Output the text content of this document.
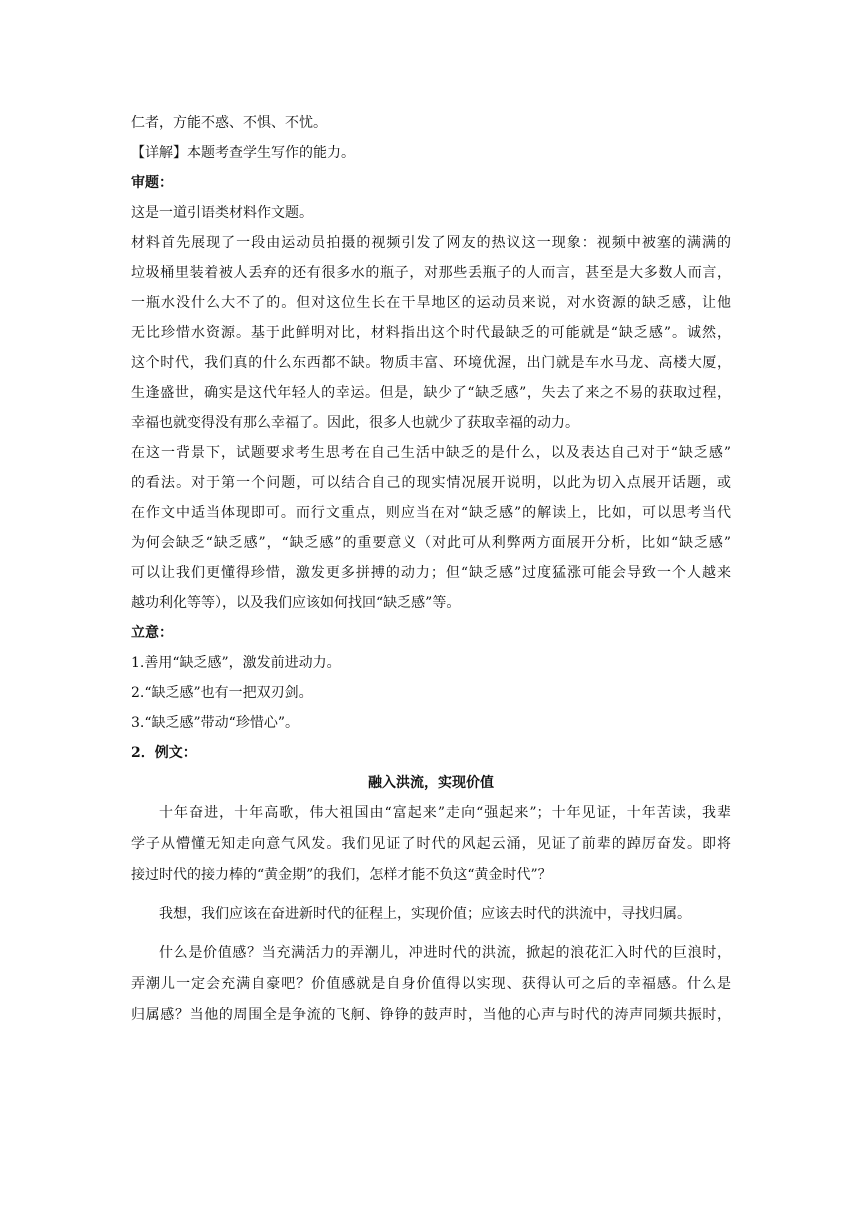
仁者，方能不惑、不惧、不忧。
【详解】本题考查学生写作的能力。
审题：
这是一道引语类材料作文题。
材料首先展现了一段由运动员拍摄的视频引发了网友的热议这一现象：视频中被塞的满满的
垃圾桶里装着被人丢弃的还有很多水的瓶子，对那些丢瓶子的人而言，甚至是大多数人而言，
一瓶水没什么大不了的。但对这位生长在干旱地区的运动员来说，对水资源的缺乏感，让他
无比珍惜水资源。基于此鲜明对比，材料指出这个时代最缺乏的可能就是“缺乏感”。诚然，
这个时代，我们真的什么东西都不缺。物质丰富、环境优渥，出门就是车水马龙、高楼大厦，
生逢盛世，确实是这代年轻人的幸运。但是，缺少了“缺乏感”，失去了来之不易的获取过程，
幸福也就变得没有那么幸福了。因此，很多人也就少了获取幸福的动力。
在这一背景下，试题要求考生思考在自己生活中缺乏的是什么，以及表达自己对于“缺乏感”
的看法。对于第一个问题，可以结合自己的现实情况展开说明，以此为切入点展开话题，或
在作文中适当体现即可。而行文重点，则应当在对“缺乏感”的解读上，比如，可以思考当代
为何会缺乏“缺乏感”，“缺乏感”的重要意义（对此可从利弊两方面展开分析，比如“缺乏感”
可以让我们更懂得珍惜，激发更多拼搏的动力；但“缺乏感”过度猛涨可能会导致一个人越来
越功利化等等），以及我们应该如何找回“缺乏感”等。
立意：
1.善用“缺乏感”，激发前进动力。
2.“缺乏感”也有一把双刃剑。
3.“缺乏感”带动“珍惜心”。
2．例文：
融入洪流，实现价值
十年奋进，十年高歌，伟大祖国由“富起来”走向“强起来”；十年见证，十年苦读，我辈
学子从懵懂无知走向意气风发。我们见证了时代的风起云涌，见证了前辈的踔厉奋发。即将
接过时代的接力棒的“黄金期”的我们，怎样才能不负这“黄金时代”？
我想，我们应该在奋进新时代的征程上，实现价值；应该去时代的洪流中，寻找归属。
什么是价值感？当充满活力的弄潮儿，冲进时代的洪流，掀起的浪花汇入时代的巨浪时，
弄潮儿一定会充满自豪吧？价值感就是自身价值得以实现、获得认可之后的幸福感。什么是
归属感？当他的周围全是争流的飞舸、铮铮的鼓声时，当他的心声与时代的涛声同频共振时，
